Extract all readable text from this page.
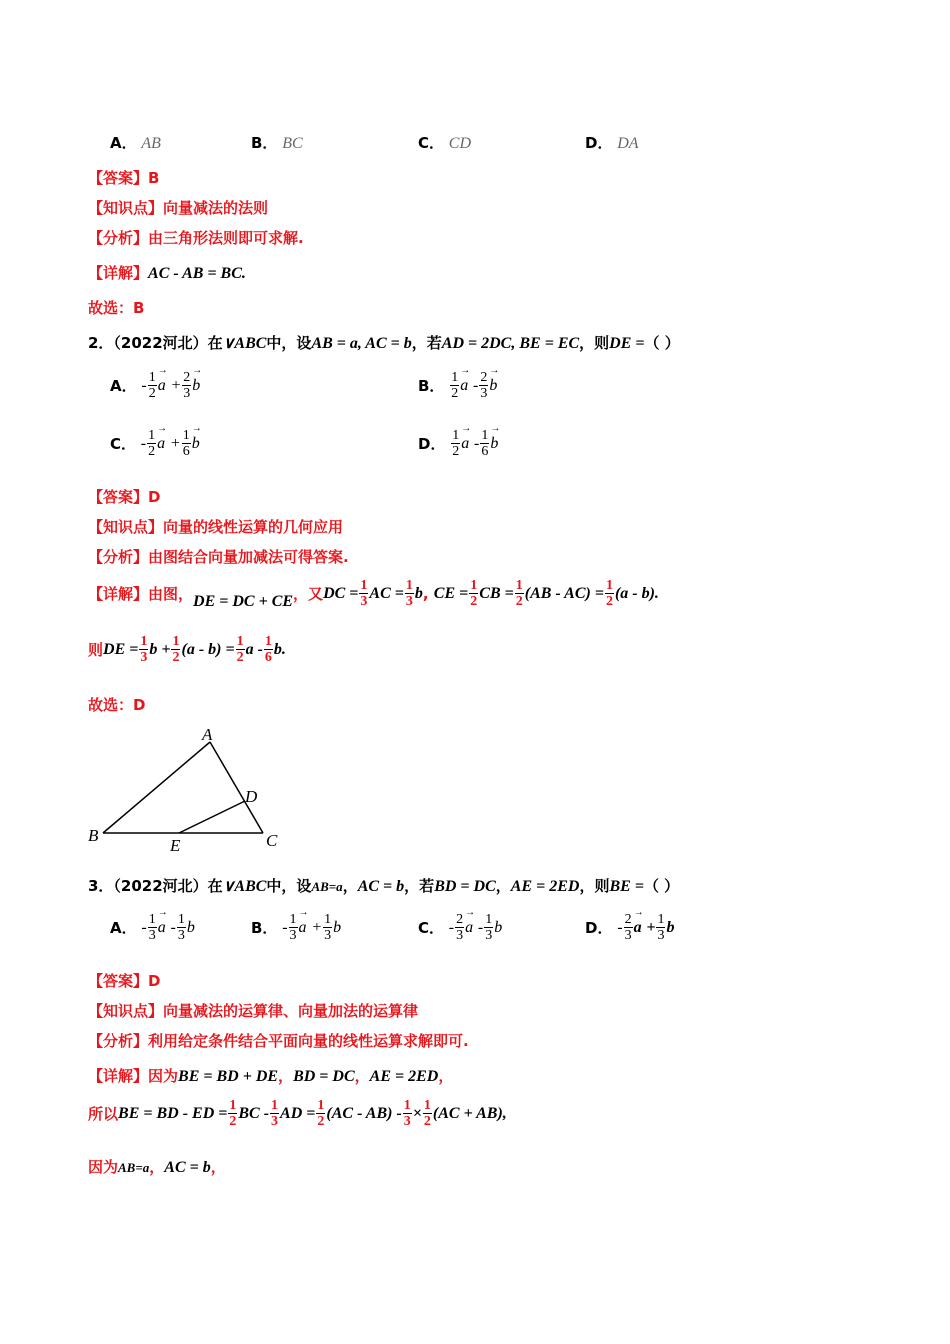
A． AB	B． BC	C． CD	D． DA
【答案】B
【知识点】向量减法的法则
【分析】由三角形法则即可求解.
【详解】AC - AB = BC.
故选：B
2．（2022河北）在∨ABC中，设AB = a, AC = b，若AD = 2DC, BE = EC，则DE =（ ）
A．
- $\frac{1}{2}$
→ a
+ $\frac{2}{3}$
→ b	B．
$\frac{1}{2}$
→ a
- $\frac{2}{3}$
→ b
C．
- $\frac{1}{2}$
→ a
+ $\frac{1}{6}$
→ b	D．
$\frac{1}{2}$
→ a
- $\frac{1}{6}$
→ b
【答案】D
【知识点】向量的线性运算的几何应用
【分析】由图结合向量加减法可得答案.
【详解】由图， DE = DC + CE ，又 DC = $\frac{1}{3}$ AC = $\frac{1}{3}$ b , CE = $\frac{1}{2}$ CB = $\frac{1}{2} (AB - AC) = \frac{1}{2} (a - b)$.
则 DE = $\frac{1}{3}$ $b + \frac{1}{2} (a - b) = \frac{1}{2}$ a - $\frac{1}{6} b$.
故选：D
A
B	C
D
E
3．（2022河北）在∨ABC中，设AB=a，AC = b，若BD = DC，AE = 2ED，则BE =（ ）
A．
- $\frac{1}{3}$
→ a
- $\frac{1}{3}$ b	B．
- $\frac{1}{3}$
→ a
+ $\frac{1}{3}$ b	C．
- $\frac{2}{3}$
→ a
- $\frac{1}{3}$ b	D．
- $\frac{2}{3}$
→ a
+ $\frac{1}{3}$ b
【答案】D
【知识点】向量减法的运算律、向量加法的运算律
【分析】利用给定条件结合平面向量的线性运算求解即可.
【详解】因为BE = BD + DE，BD = DC，AE = 2ED，
所以 BE = BD - ED = $\frac{1}{2}$ BC - $\frac{1}{3}$ AD = $\frac{1}{2} (AC - AB) - \frac{1}{3} \times \frac{1}{2} (AC + AB)$,
因为AB=a，AC = b，
